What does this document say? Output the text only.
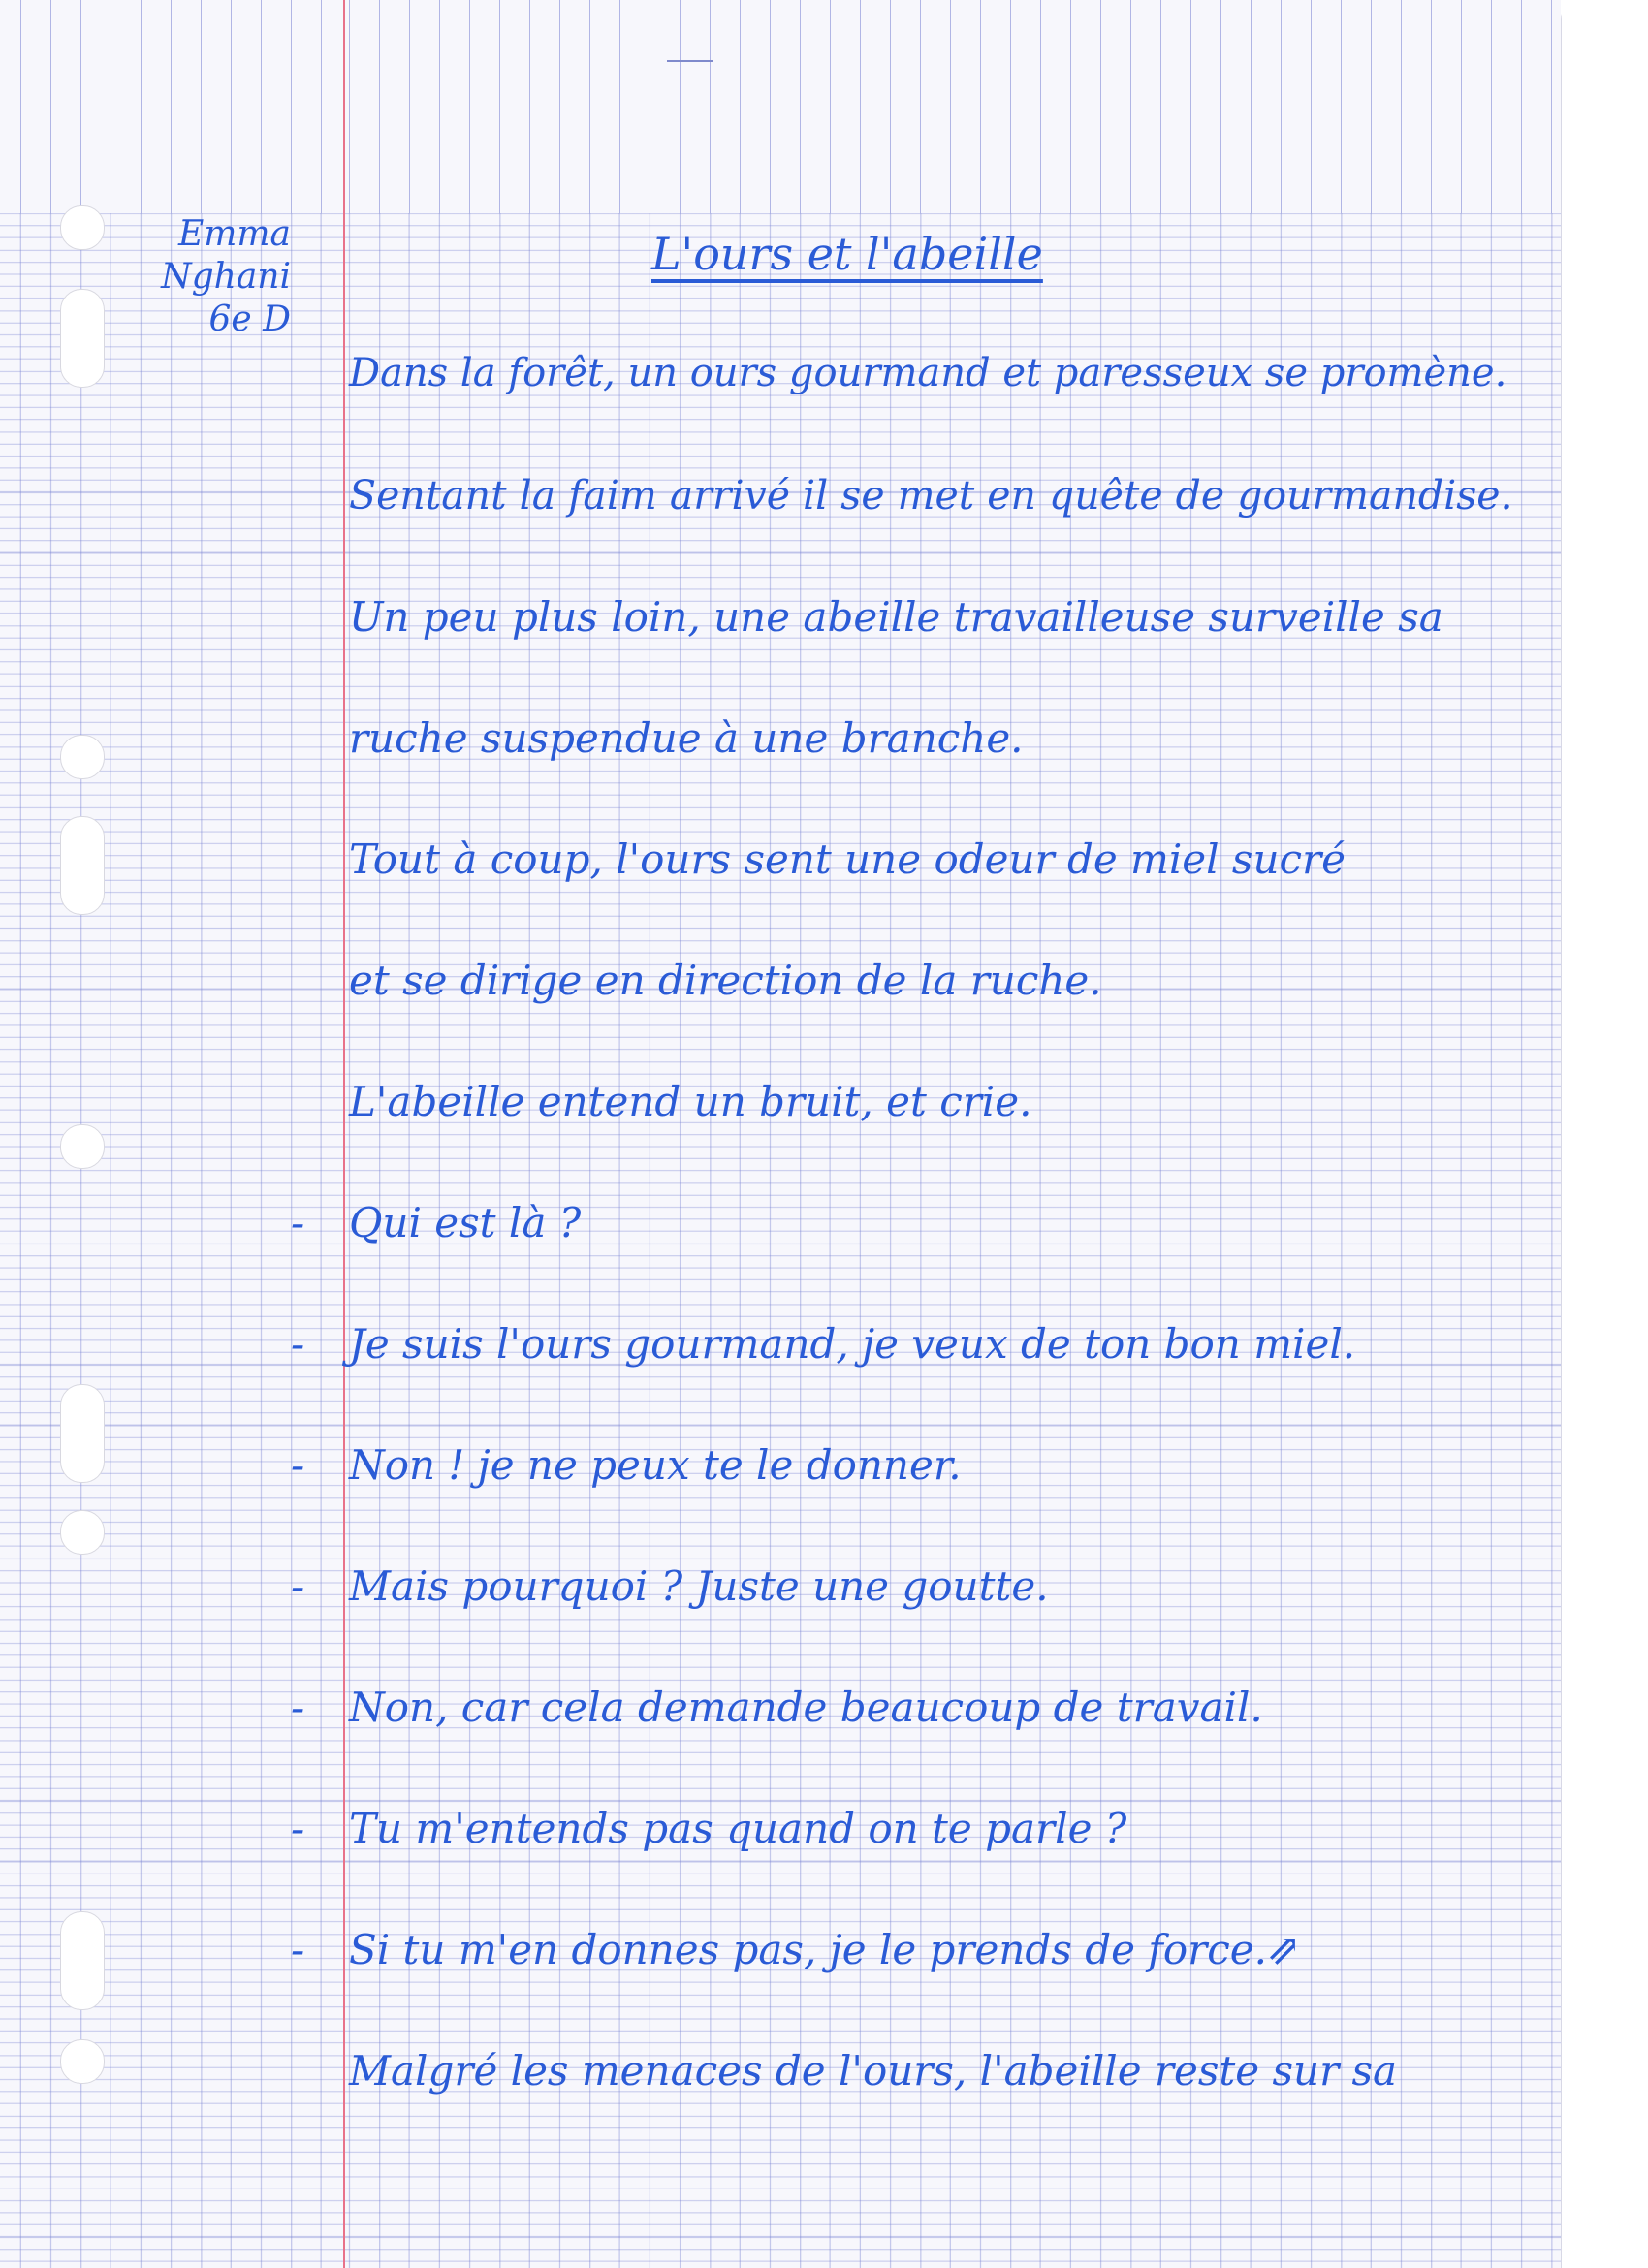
Emma
Nghani
6e D
L'ours et l'abeille
Dans la forêt, un ours gourmand et paresseux se promène.
Sentant la faim arrivé il se met en quête de gourmandise.
Un peu plus loin, une abeille travailleuse surveille sa
ruche suspendue à une branche.
Tout à coup, l'ours sent une odeur de miel sucré
et se dirige en direction de la ruche.
L'abeille entend un bruit, et crie.
- Qui est là ?
- Je suis l'ours gourmand, je veux de ton bon miel.
- Non ! je ne peux te le donner.
- Mais pourquoi ? Juste une goutte.
- Non, car cela demande beaucoup de travail.
- Tu m'entends pas quand on te parle ?
- Si tu m'en donnes pas, je le prends de force.⇗
Malgré les menaces de l'ours, l'abeille reste sur sa
